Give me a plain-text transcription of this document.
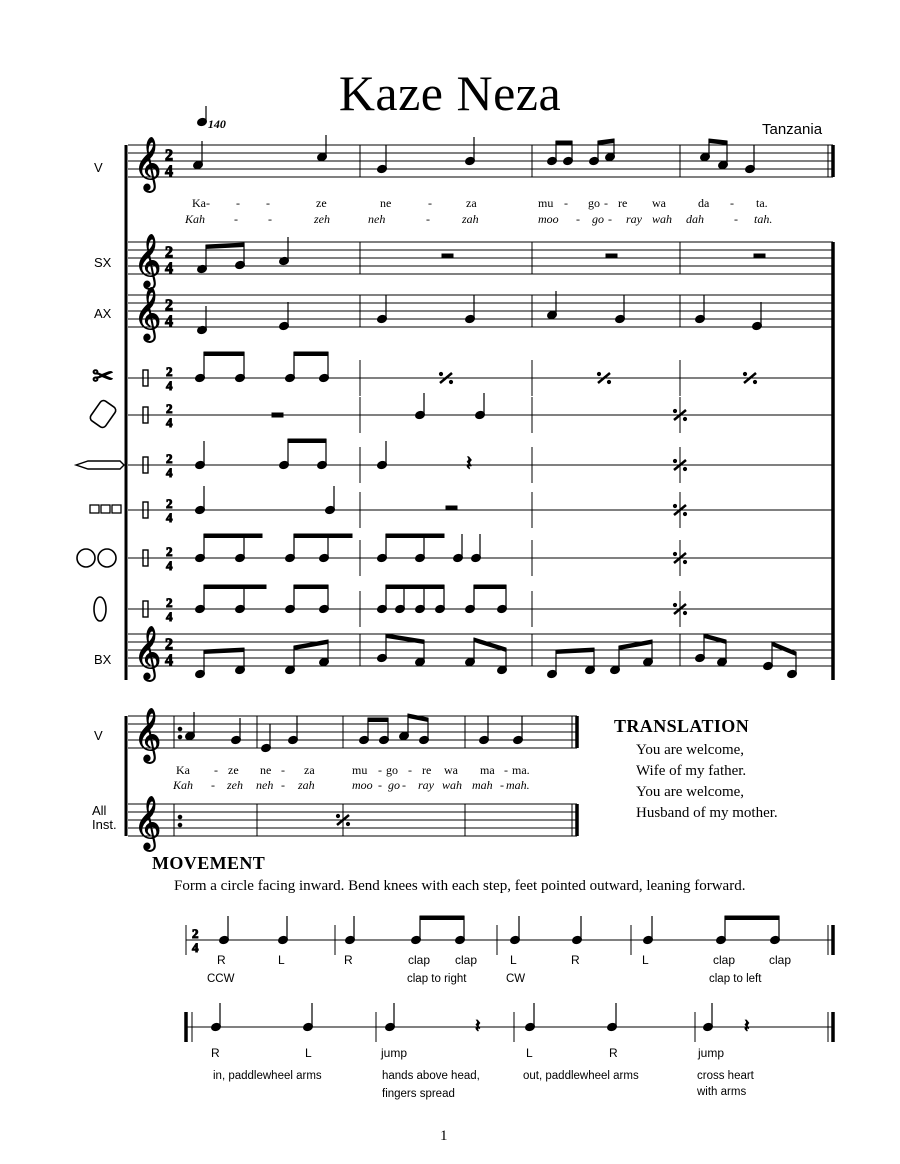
𝄞 2
4
𝄞 2
4
𝄞 2
4
𝄞 2
4
2
4
2
4
2
4
2
4
2
4
2
4
✂
𝄽
𝄞
𝄞
2
4
𝄽	𝄽
Kaze Neza
Tanzania
= 140
V
SX
AX
BX
V
All
Inst.
Ka- - -	ze	ne	-	za	mu - go - re wa	da - ta.
Kah -	-	zeh	neh	-	zah	moo - go - ray wah dah	- tah.
Ka - ze ne - za	mu - go - re wa ma - ma.
Kah - zeh neh - zah	moo - go - ray wah mah - mah.
TRANSLATION
You are welcome,
Wife of my father.
You are welcome,
Husband of my mother.
MOVEMENT
Form a circle facing inward. Bend knees with each step, feet pointed outward, leaning forward.
R	L	R	clap clap	L	R	L	clap	clap
CCW	clap to right	CW	clap to left
R	L	jump	L	R	jump
in, paddlewheel arms	hands above head,
fingers spread
out, paddlewheel arms	cross heart
with arms
1
